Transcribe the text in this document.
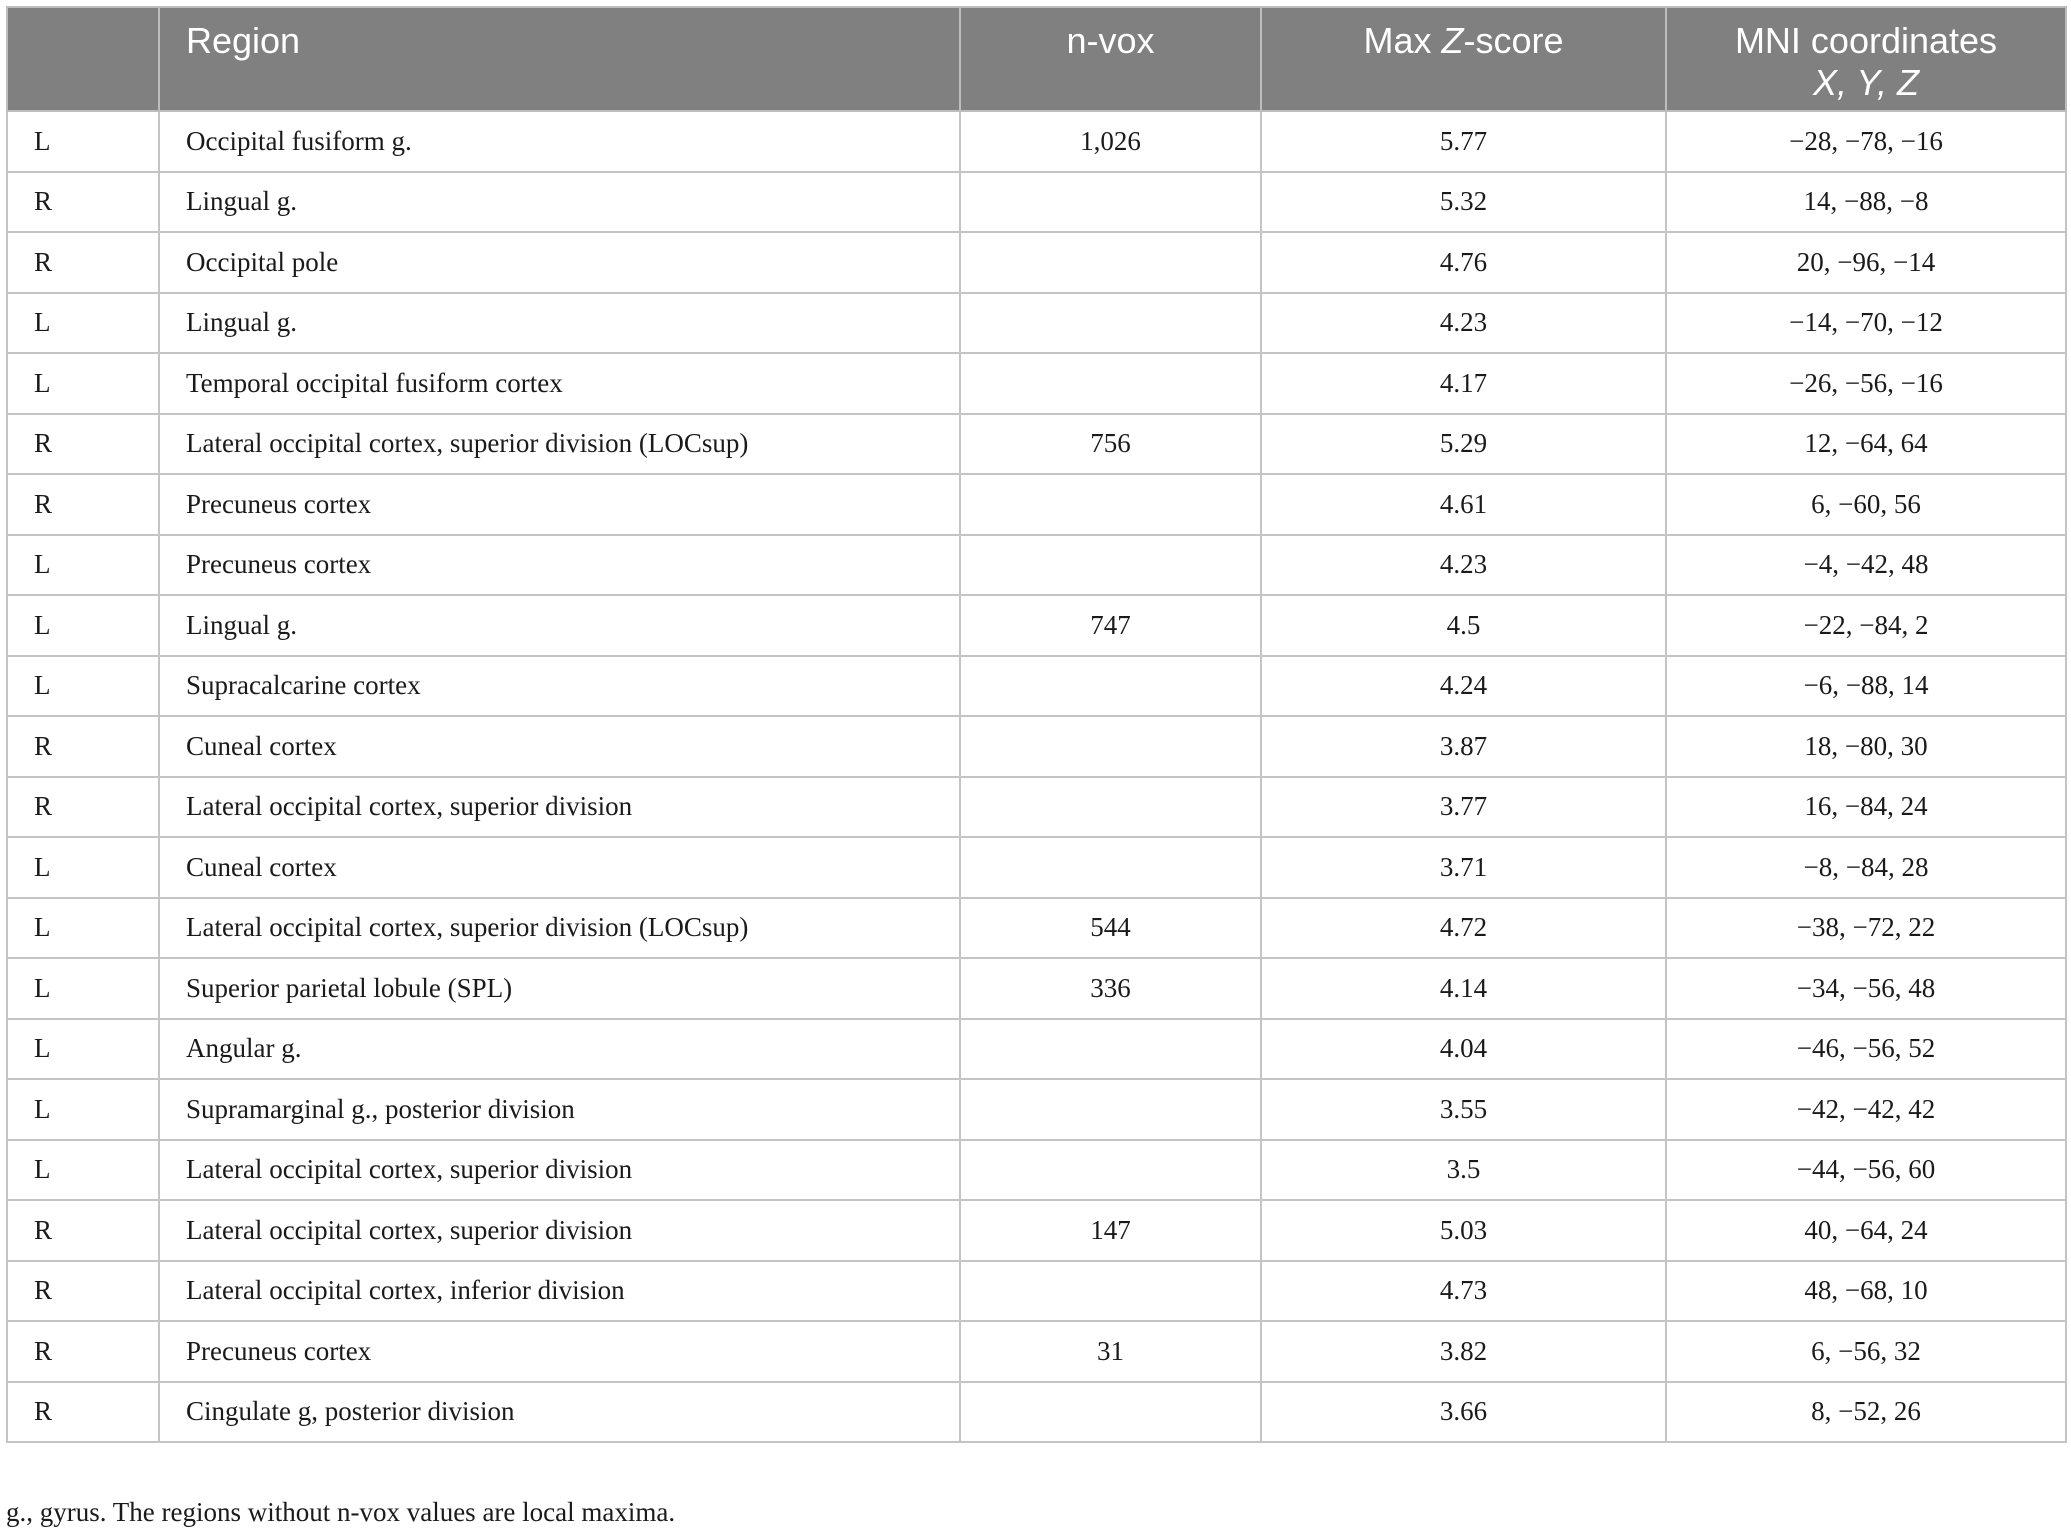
	Region	n-vox	Max Z-score	MNI coordinates
X, Y, Z

L	Occipital fusiform g.	1,026	5.77	−28, −78, −16
R	Lingual g.		5.32	14, −88, −8
R	Occipital pole		4.76	20, −96, −14
L	Lingual g.		4.23	−14, −70, −12
L	Temporal occipital fusiform cortex		4.17	−26, −56, −16
R	Lateral occipital cortex, superior division (LOCsup)	756	5.29	12, −64, 64
R	Precuneus cortex		4.61	6, −60, 56
L	Precuneus cortex		4.23	−4, −42, 48
L	Lingual g.	747	4.5	−22, −84, 2
L	Supracalcarine cortex		4.24	−6, −88, 14
R	Cuneal cortex		3.87	18, −80, 30
R	Lateral occipital cortex, superior division		3.77	16, −84, 24
L	Cuneal cortex		3.71	−8, −84, 28
L	Lateral occipital cortex, superior division (LOCsup)	544	4.72	−38, −72, 22
L	Superior parietal lobule (SPL)	336	4.14	−34, −56, 48
L	Angular g.		4.04	−46, −56, 52
L	Supramarginal g., posterior division		3.55	−42, −42, 42
L	Lateral occipital cortex, superior division		3.5	−44, −56, 60
R	Lateral occipital cortex, superior division	147	5.03	40, −64, 24
R	Lateral occipital cortex, inferior division		4.73	48, −68, 10
R	Precuneus cortex	31	3.82	6, −56, 32
R	Cingulate g, posterior division		3.66	8, −52, 26
g., gyrus. The regions without n-vox values are local maxima.
